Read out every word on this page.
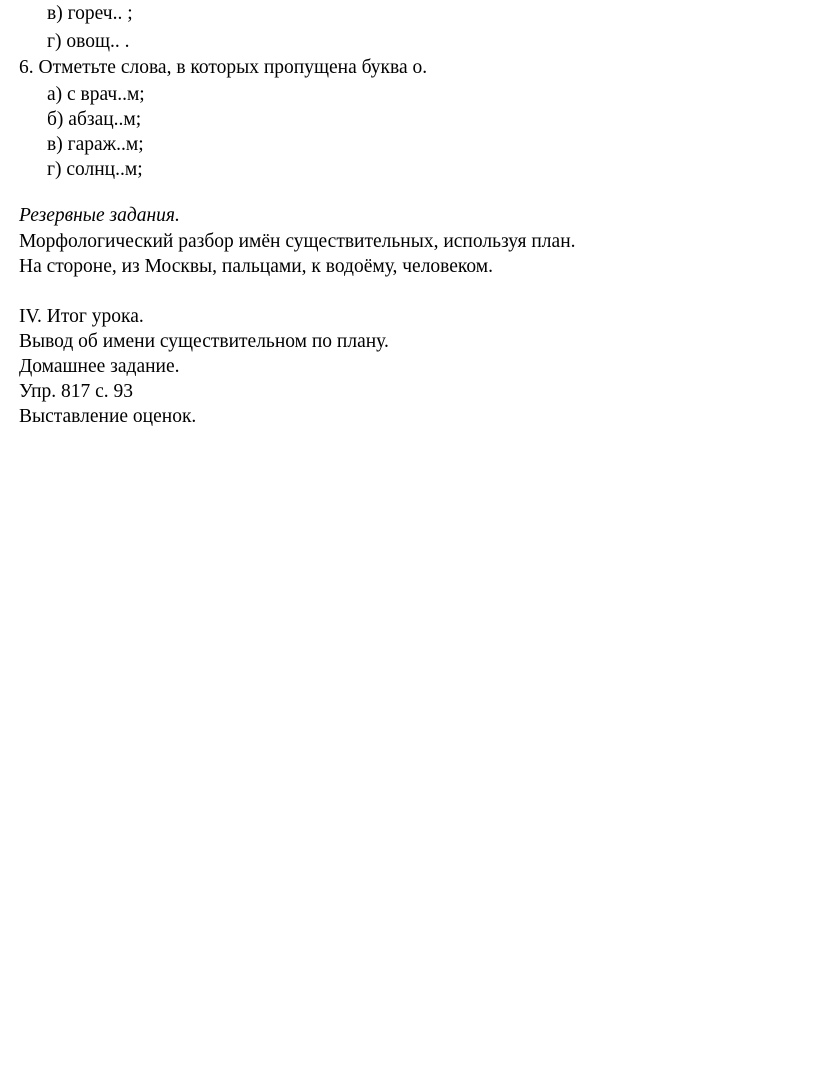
в) гореч.. ;
г) овощ.. .
6. Отметьте слова, в которых пропущена буква о.
а) с врач..м;
б) абзац..м;
в) гараж..м;
г) солнц..м;
Резервные задания.
Морфологический разбор имён существительных, используя план.
На стороне, из Москвы, пальцами, к водоёму, человеком.
IV. Итог урока.
Вывод об имени существительном по плану.
Домашнее задание.
Упр. 817 с. 93
Выставление оценок.
